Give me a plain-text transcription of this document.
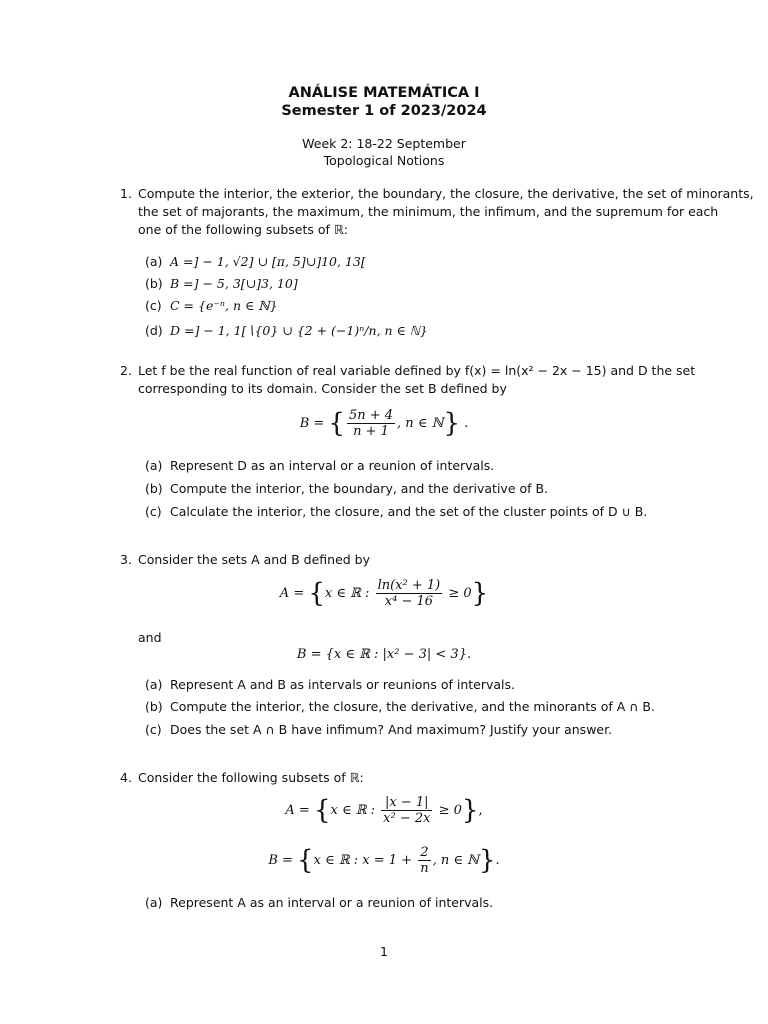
ANÁLISE MATEMÁTICA I
Semester 1 of 2023/2024
Week 2: 18-22 September
Topological Notions
1. Compute the interior, the exterior, the boundary, the closure, the derivative, the set of minorants,
the set of majorants, the maximum, the minimum, the infimum, and the supremum for each
one of the following subsets of ℝ:
(a) A =] − 1, √2] ∪ [π, 5]∪]10, 13[
(b) B =] − 5, 3[∪]3, 10]
(c) C = {e⁻ⁿ, n ∈ ℕ}
(d) D =] − 1, 1[∖{0} ∪ {2 + (−1)ⁿ/n, n ∈ ℕ}
2. Let f be the real function of real variable defined by f(x) = ln(x² − 2x − 15) and D the set
corresponding to its domain. Consider the set B defined by
B = { $\frac{5n + 4}{n + 1}$ , n ∈ ℕ} .
(a) Represent D as an interval or a reunion of intervals.
(b) Compute the interior, the boundary, and the derivative of B.
(c) Calculate the interior, the closure, and the set of the cluster points of D ∪ B.
3. Consider the sets A and B defined by
A = {x ∈ ℝ : $\frac{\text{ln(x² + 1)}}{\text{x⁴ − 16}} \ge 0$}
and
B = {x ∈ ℝ : |x² − 3| < 3}.
(a) Represent A and B as intervals or reunions of intervals.
(b) Compute the interior, the closure, the derivative, and the minorants of A ∩ B.
(c) Does the set A ∩ B have infimum? And maximum? Justify your answer.
4. Consider the following subsets of ℝ:
A = {x ∈ ℝ : $\frac{|x - 1|}{\text{x² − 2x}} \ge 0$},
B = {x ∈ ℝ : $x = 1 + \frac{2}{n}$ , n ∈ ℕ}.
(a) Represent A as an interval or a reunion of intervals.
1
